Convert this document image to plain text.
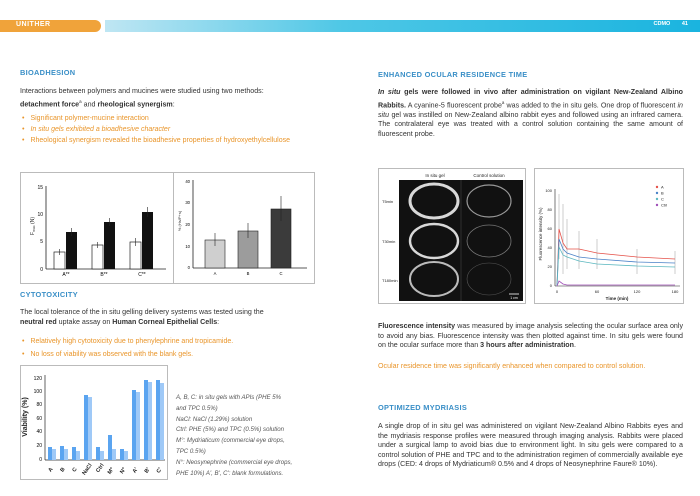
UNITHER	CDMO 41
BIOADHESION
Interactions between polymers and mucines were studied using two methods:
detachment force$^a$ and rheological synergism:
• Significant polymer-mucine interaction
• In situ gels exhibited a bioadhesive character
• Rheological synergism revealed the bioadhesive properties of hydroxyethylcellulose
$F_{max}$ (N)
15
10
5
0
A**	B**	C**
% (Hs/P+s)
40
30
20
10
0
A	B	C
CYTOTOXICITY
The local tolerance of the in situ gelling delivery systems was tested using the
neutral red uptake assay on Human Corneal Epithelial Cells:
• Relatively high cytotoxicity due to phenylephrine and tropicamide.
• No loss of viability was observed with the blank gels.
Viability (%)
120
100
80
60
40
20
0
A B C NaCl Ctrl M° N° A' B' C'
A, B, C: in situ gels with APIs (PHE 5%
and TPC 0.5%)
NaCl: NaCl (1.29%) solution
Ctrl: PHE (5%) and TPC (0.5%) solution
M°: Mydriaticum (commercial eye drops,
TPC 0.5%)
N°: Neosynephrine (commercial eye drops,
PHE 10%) A', B', C': blank formulations.
ENHANCED OCULAR RESIDENCE TIME
In situ gels were followed in vivo after administration on vigilant New-Zealand Albino Rabbits. A cyanine-5 fluorescent probe$^a$ was added to the in situ gels. One drop of fluorescent in situ gel was instilled on New-Zealand albino rabbit eyes and followed using an infrared camera. The contralateral eye was treated with a control solution containing the same amount of fluorescent probe.
In situ gel	Control solution
T5min
T30min
T180min
1 cm
Fluorescence intensity (%)
100
80
60
40
20
0
0	60	120	180
Time (min)
A
B
C
Ctrl
Fluorescence intensity was measured by image analysis selecting the ocular surface area only to avoid any bias. Fluorescence intensity was then plotted against time. In situ gels were found on the ocular surface more than 3 hours after administration.
Ocular residence time was significantly enhanced when compared to control solution.
OPTIMIZED MYDRIASIS
A single drop of in situ gel was administered on vigilant New-Zealand Albino Rabbits eyes and the mydriasis response profiles were measured through imaging analysis. Rabbits were placed under a surgical lamp to avoid bias due to environment light. In situ gels were compared to a control solution of PHE and TPC and to the administration regimen of commercially available eye drops (CED: 4 drops of Mydriaticum® 0.5% and 4 drops of Neosynephrine Faure® 10%).
